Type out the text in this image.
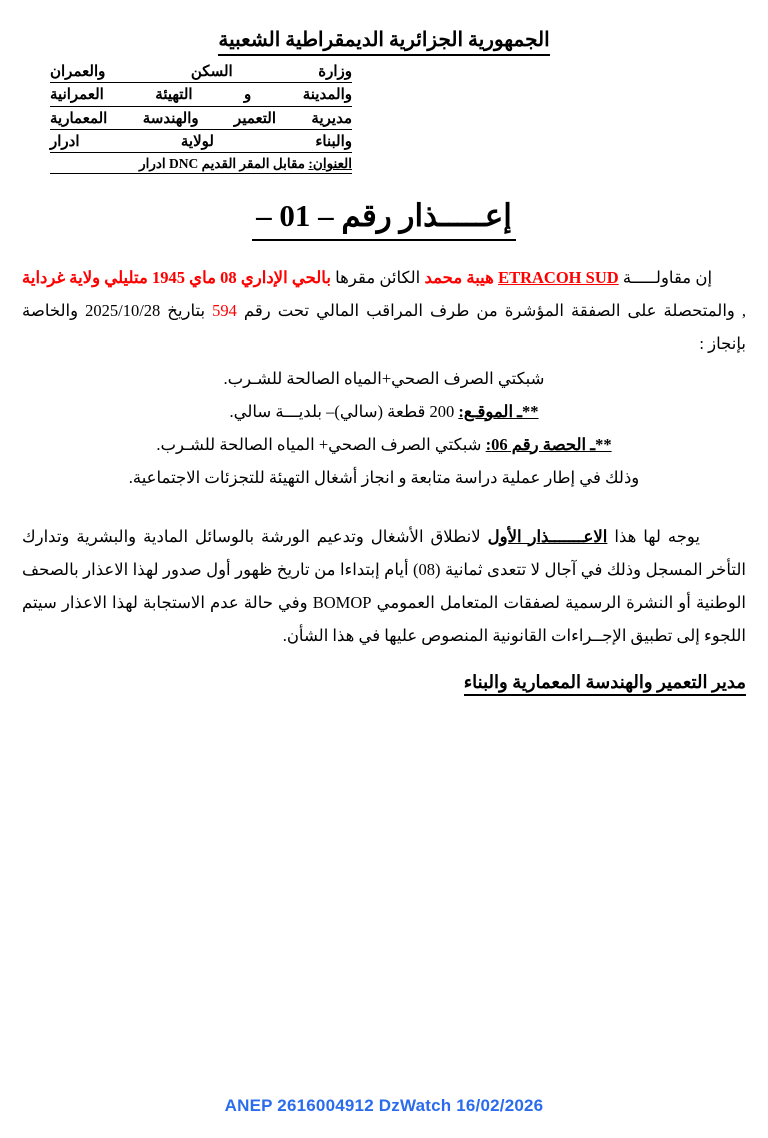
الجمهورية الجزائرية الديمقراطية الشعبية
وزارة السكن والعمران
والمدينة و التهيئة العمرانية
مديرية التعمير والهندسة المعمارية
والبناء لولاية ادرار
العنوان: مقابل المقر القديم DNC ادرار
إعـــــذار رقم – 01 –

إن مقاولـــــة ETRACOH SUD هيبة محمد الكائن مقرها بالحي الإداري 08 ماي 1945 متليلي ولاية غرداية , والمتحصلة على الصفقة المؤشرة من طرف المراقب المالي تحت رقم 594 بتاريخ 2025/10/28 والخاصة بإنجاز :

شبكتي الصرف الصحي+المياه الصالحة للشـرب.

**ـ الموقـع: 200 قطعة (سالي)– بلديـــة سالي.

**ـ الحصة رقم 06: شبكتي الصرف الصحي+ المياه الصالحة للشـرب.

وذلك في إطار عملية دراسة متابعة و انجاز أشغال التهيئة للتجزئات الاجتماعية.

يوجه لها هذا الاعـــــــذار الأول لانطلاق الأشغال وتدعيم الورشة بالوسائل المادية والبشرية وتدارك التأخر المسجل وذلك في آجال لا تتعدى ثمانية (08) أيام إبتداءا من تاريخ ظهور أول صدور لهذا الاعذار بالصحف الوطنية أو النشرة الرسمية لصفقات المتعامل العمومي BOMOP وفي حالة عدم الاستجابة لهذا الاعذار سيتم اللجوء إلى تطبيق الإجــراءات القانونية المنصوص عليها في هذا الشأن.

مدير التعمير والهندسة المعمارية والبناء
ANEP 2616004912 DzWatch 16/02/2026
